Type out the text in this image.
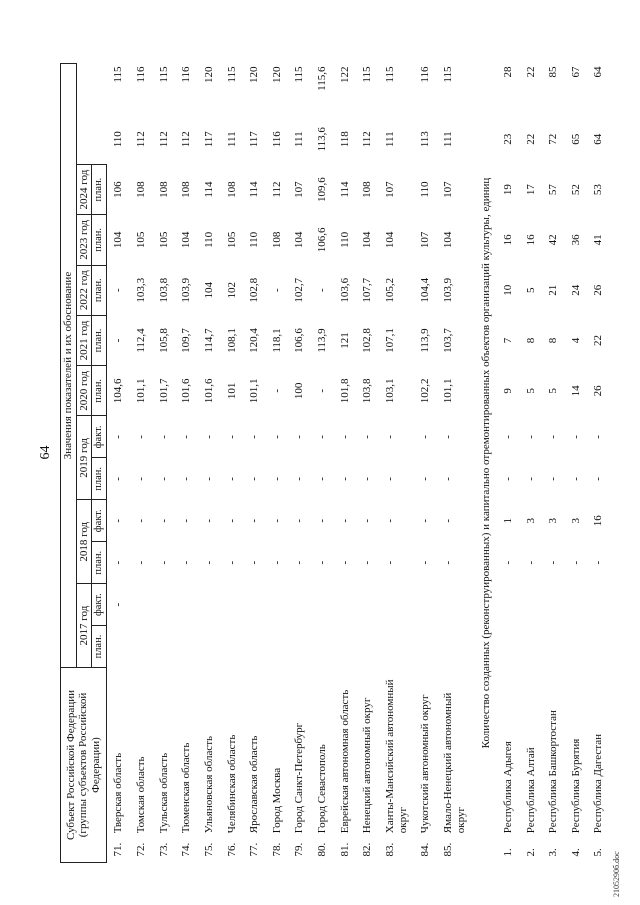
64
Субъект Российской Федерации (группы субъектов Российской Федерации)		Значения показателей и их обоснование												
		2017 год		2018 год		2019 год		2020 год	2021 год	2022 год	2023 год	2024 год		
		план.	факт.	план.	факт.	план.	факт.	план.	план.	план.	план.	план.		
71.	Тверская область		-	-	-	-	-	104,6	-	-	104	106	110	115
72.	Томская область			-	-	-	-	101,1	112,4	103,3	105	108	112	116
73.	Тульская область			-	-	-	-	101,7	105,8	103,8	105	108	112	115
74.	Тюменская область			-	-	-	-	101,6	109,7	103,9	104	108	112	116
75.	Ульяновская область			-	-	-	-	101,6	114,7	104	110	114	117	120
76.	Челябинская область			-	-	-	-	101	108,1	102	105	108	111	115
77.	Ярославская область			-	-	-	-	101,1	120,4	102,8	110	114	117	120
78.	Город Москва			-	-	-	-	-	118,1	-	108	112	116	120
79.	Город Санкт-Петербург			-	-	-	-	100	106,6	102,7	104	107	111	115
80.	Город Севастополь			-	-	-	-	-	113,9	-	106,6	109,6	113,6	115,6
81.	Еврейская автономная область			-	-	-	-	101,8	121	103,6	110	114	118	122
82.	Ненецкий автономный округ			-	-	-	-	103,8	102,8	107,7	104	108	112	115
83.	Ханты-Мансийский автономный округ			-	-	-	-	103,1	107,1	105,2	104	107	111	115
84.	Чукотский автономный округ			-	-	-	-	102,2	113,9	104,4	107	110	113	116
85.	Ямало-Ненецкий автономный округ			-	-	-	-	101,1	103,7	103,9	104	107	111	115
Количество созданных (реконструированных) и капитально отремонтированных объектов организаций культуры, единиц														
1.	Республика Адыгея			-	1	-	-	9	7	10	16	19	23	28
2.	Республика Алтай			-	3	-	-	5	8	5	16	17	22	22
3.	Республика Башкортостан			-	3	-	-	5	8	21	42	57	72	85
4.	Республика Бурятия			-	3	-	-	14	4	24	36	52	65	67
5.	Республика Дагестан			-	16	-	-	26	22	26	41	53	64	64
2105290б.doc
